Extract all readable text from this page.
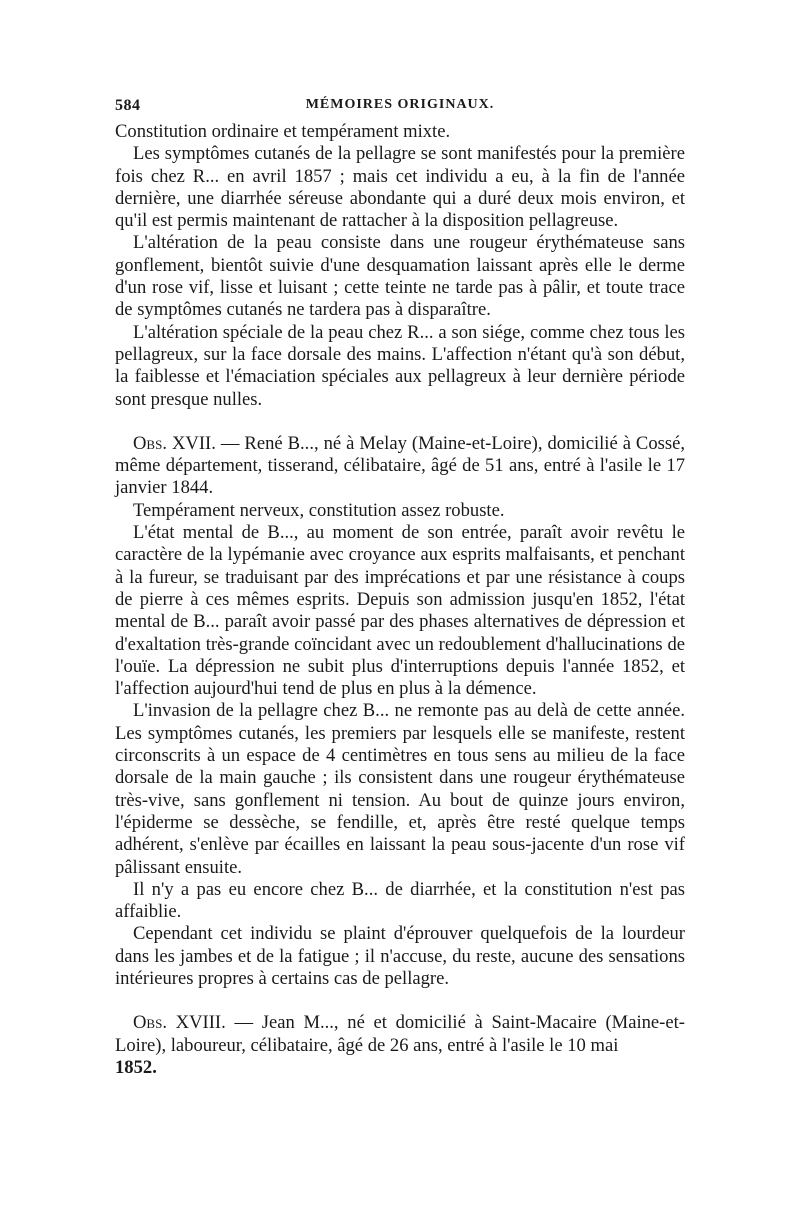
584	MÉMOIRES ORIGINAUX.

Constitution ordinaire et tempérament mixte.

Les symptômes cutanés de la pellagre se sont manifestés pour la première fois chez R... en avril 1857 ; mais cet individu a eu, à la fin de l'année dernière, une diarrhée séreuse abondante qui a duré deux mois environ, et qu'il est permis maintenant de rattacher à la disposition pellagreuse.

L'altération de la peau consiste dans une rougeur érythémateuse sans gonflement, bientôt suivie d'une desquamation laissant après elle le derme d'un rose vif, lisse et luisant ; cette teinte ne tarde pas à pâlir, et toute trace de symptômes cutanés ne tardera pas à disparaître.

L'altération spéciale de la peau chez R... a son siége, comme chez tous les pellagreux, sur la face dorsale des mains. L'affection n'étant qu'à son début, la faiblesse et l'émaciation spéciales aux pellagreux à leur dernière période sont presque nulles.

Obs. XVII. — René B..., né à Melay (Maine-et-Loire), domicilié à Cossé, même département, tisserand, célibataire, âgé de 51 ans, entré à l'asile le 17 janvier 1844.

Tempérament nerveux, constitution assez robuste.

L'état mental de B..., au moment de son entrée, paraît avoir revêtu le caractère de la lypémanie avec croyance aux esprits malfaisants, et penchant à la fureur, se traduisant par des imprécations et par une résistance à coups de pierre à ces mêmes esprits. Depuis son admission jusqu'en 1852, l'état mental de B... paraît avoir passé par des phases alternatives de dépression et d'exaltation très-grande coïncidant avec un redoublement d'hallucinations de l'ouïe. La dépression ne subit plus d'interruptions depuis l'année 1852, et l'affection aujourd'hui tend de plus en plus à la démence.

L'invasion de la pellagre chez B... ne remonte pas au delà de cette année. Les symptômes cutanés, les premiers par lesquels elle se manifeste, restent circonscrits à un espace de 4 centimètres en tous sens au milieu de la face dorsale de la main gauche ; ils consistent dans une rougeur érythémateuse très-vive, sans gonflement ni tension. Au bout de quinze jours environ, l'épiderme se dessèche, se fendille, et, après être resté quelque temps adhérent, s'enlève par écailles en laissant la peau sous-jacente d'un rose vif pâlissant ensuite.

Il n'y a pas eu encore chez B... de diarrhée, et la constitution n'est pas affaiblie.

Cependant cet individu se plaint d'éprouver quelquefois de la lourdeur dans les jambes et de la fatigue ; il n'accuse, du reste, aucune des sensations intérieures propres à certains cas de pellagre.

Obs. XVIII. — Jean M..., né et domicilié à Saint-Macaire (Maine-et-Loire), laboureur, célibataire, âgé de 26 ans, entré à l'asile le 10 mai

1852.
